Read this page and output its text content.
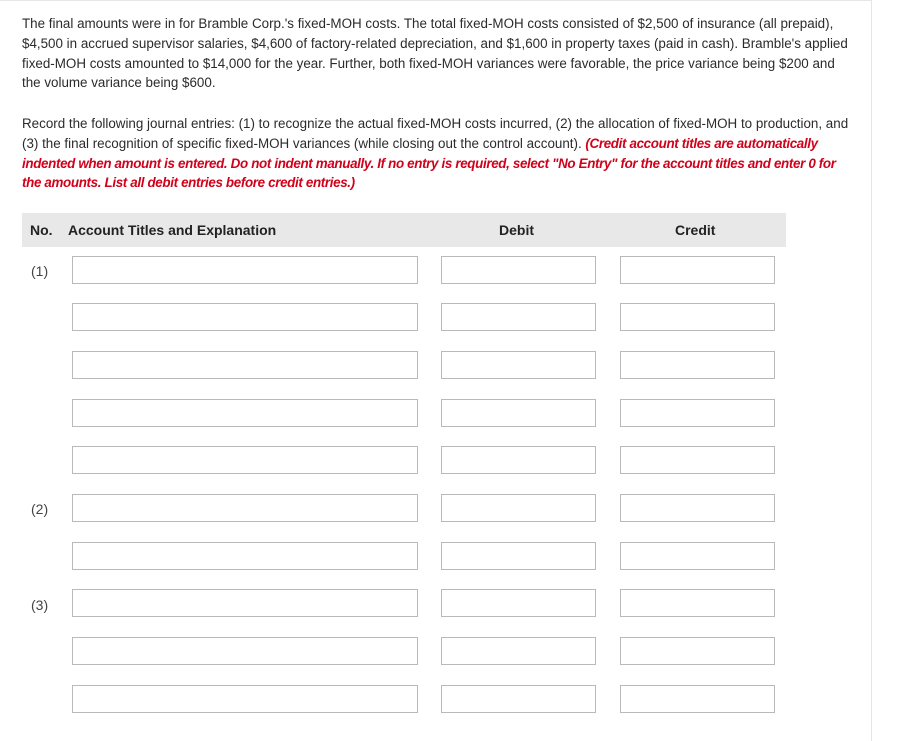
The final amounts were in for Bramble Corp.'s fixed-MOH costs. The total fixed-MOH costs consisted of $2,500 of insurance (all prepaid), $4,500 in accrued supervisor salaries, $4,600 of factory-related depreciation, and $1,600 in property taxes (paid in cash). Bramble's applied fixed-MOH costs amounted to $14,000 for the year. Further, both fixed-MOH variances were favorable, the price variance being $200 and the volume variance being $600.

Record the following journal entries: (1) to recognize the actual fixed-MOH costs incurred, (2) the allocation of fixed-MOH to production, and (3) the final recognition of specific fixed-MOH variances (while closing out the control account). (Credit account titles are automatically indented when amount is entered. Do not indent manually. If no entry is required, select "No Entry" for the account titles and enter 0 for the amounts. List all debit entries before credit entries.)

No. Account Titles and Explanation	Debit	Credit
(1)
(2)
(3)
